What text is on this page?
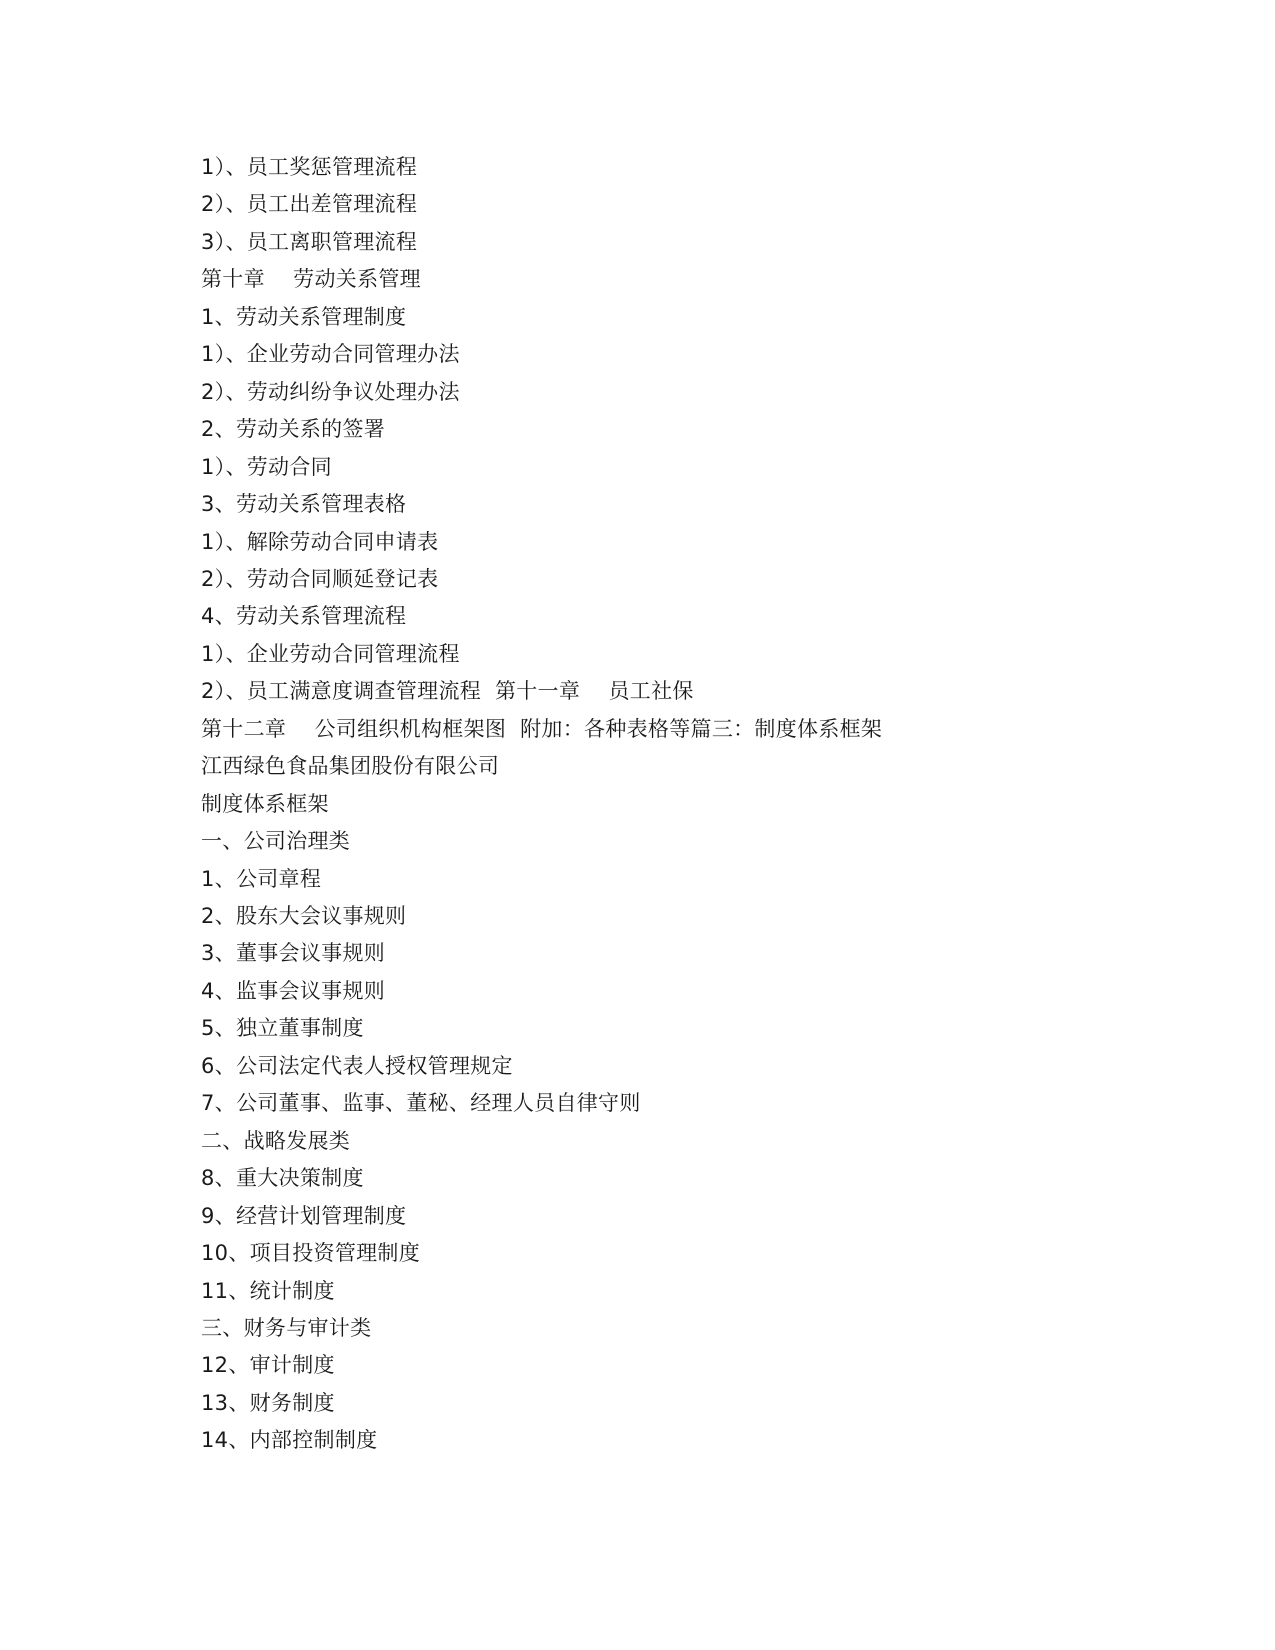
1）、员工奖惩管理流程
2）、员工出差管理流程
3）、员工离职管理流程
第十章　 劳动关系管理
1、劳动关系管理制度
1）、企业劳动合同管理办法
2）、劳动纠纷争议处理办法
2、劳动关系的签署
1）、劳动合同
3、劳动关系管理表格
1）、解除劳动合同申请表
2）、劳动合同顺延登记表
4、劳动关系管理流程
1）、企业劳动合同管理流程
2）、员工满意度调查管理流程  第十一章　 员工社保
第十二章　 公司组织机构框架图  附加：各种表格等篇三：制度体系框架
江西绿色食品集团股份有限公司
制度体系框架
一、公司治理类
1、公司章程
2、股东大会议事规则
3、董事会议事规则
4、监事会议事规则
5、独立董事制度
6、公司法定代表人授权管理规定
7、公司董事、监事、董秘、经理人员自律守则
二、战略发展类
8、重大决策制度
9、经营计划管理制度
10、项目投资管理制度
11、统计制度
三、财务与审计类
12、审计制度
13、财务制度
14、内部控制制度
